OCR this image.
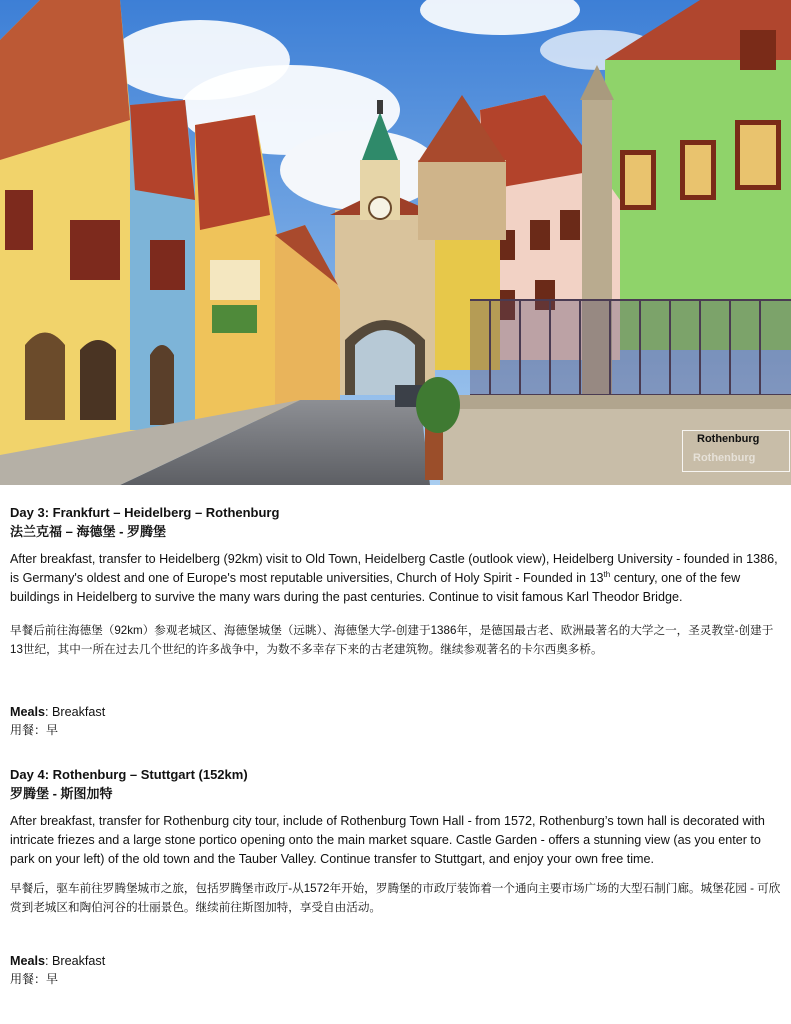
Rothenburg
Rothenburg
Day 3: Frankfurt – Heidelberg – Rothenburg
法兰克福 – 海德堡 - 罗腾堡
After breakfast, transfer to Heidelberg (92km) visit to Old Town, Heidelberg Castle (outlook view), Heidelberg University - founded in 1386, is Germany's oldest and one of Europe's most reputable universities, Church of Holy Spirit - Founded in 13th century, one of the few buildings in Heidelberg to survive the many wars during the past centuries. Continue to visit famous Karl Theodor Bridge.
早餐后前往海德堡（92km）参观老城区、海德堡城堡（远眺）、海德堡大学-创建于1386年，是德国最古老、欧洲最著名的大学之一，圣灵教堂-创建于13世纪，其中一所在过去几个世纪的许多战争中，为数不多幸存下来的古老建筑物。继续参观著名的卡尔西奥多桥。
Meals: Breakfast
用餐：早
Day 4: Rothenburg – Stuttgart (152km)
罗腾堡 - 斯图加特
After breakfast, transfer for Rothenburg city tour, include of Rothenburg Town Hall - from 1572, Rothenburg’s town hall is decorated with intricate friezes and a large stone portico opening onto the main market square. Castle Garden - offers a stunning view (as you enter to park on your left) of the old town and the Tauber Valley. Continue transfer to Stuttgart, and enjoy your own free time.
早餐后，驱车前往罗腾堡城市之旅，包括罗腾堡市政厅-从1572年开始，罗腾堡的市政厅装饰着一个通向主要市场广场的大型石制门廊。城堡花园 - 可欣赏到老城区和陶伯河谷的壮丽景色。继续前往斯图加特，享受自由活动。
Meals: Breakfast
用餐：早
